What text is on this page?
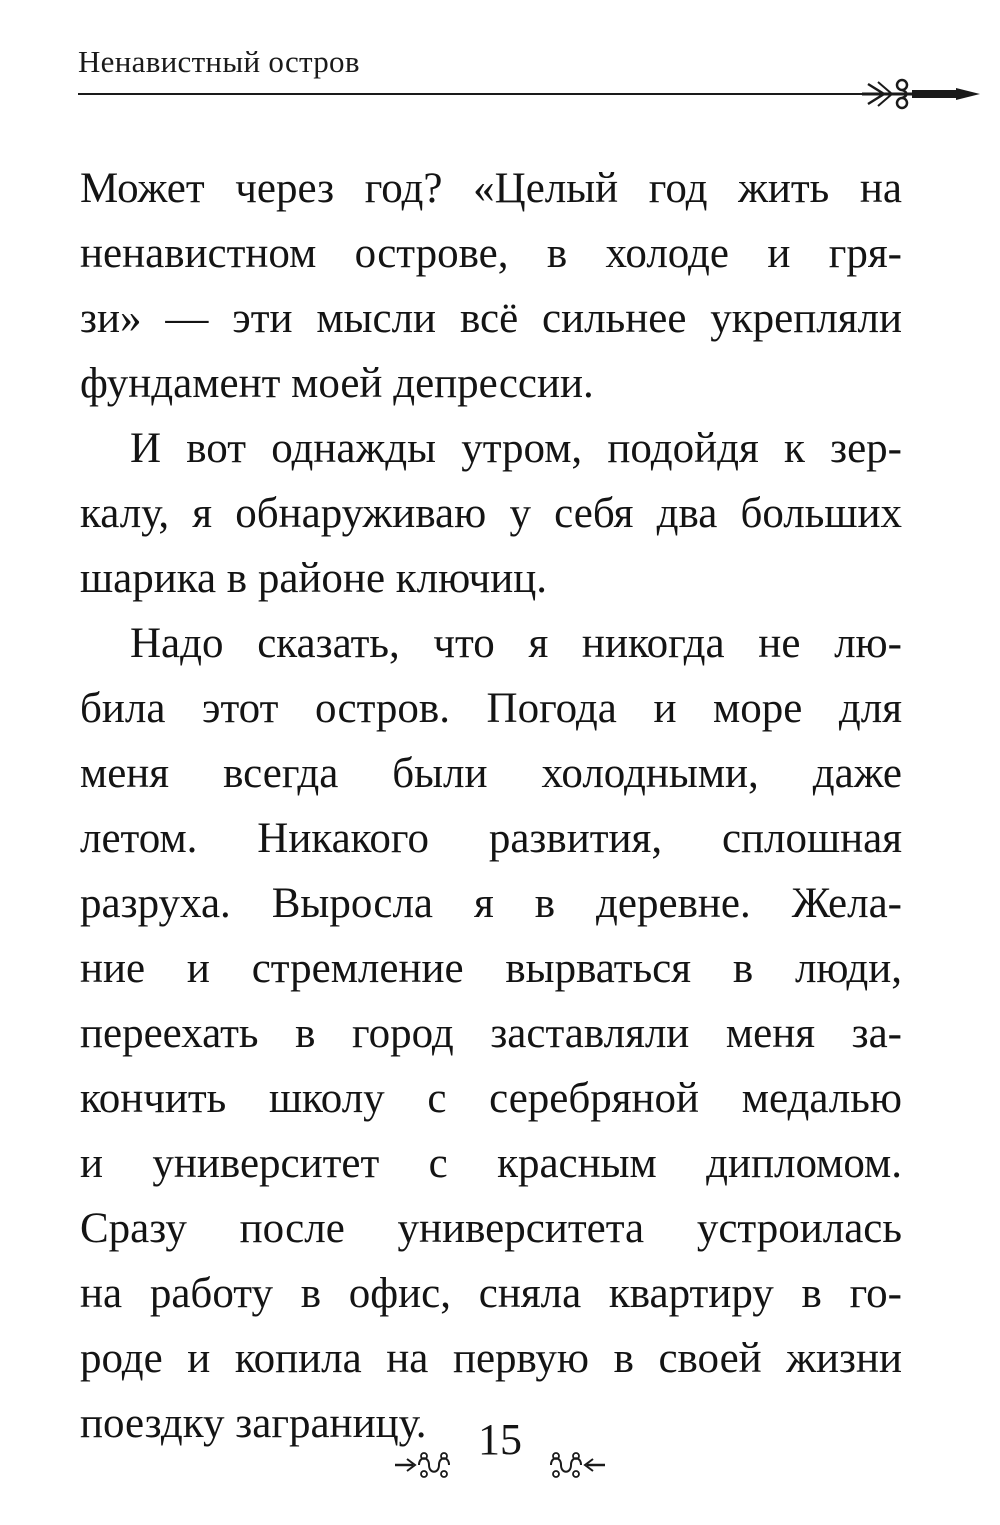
Ненавистный остров
Может через год? «Целый год жить на
ненавистном острове, в холоде и гря-
зи» — эти мысли всё сильнее укрепляли
фундамент моей депрессии.
И вот однажды утром, подойдя к зер-
калу, я обнаруживаю у себя два больших
шарика в районе ключиц.
Надо сказать, что я никогда не лю-
била этот остров. Погода и море для
меня всегда были холодными, даже
летом. Никакого развития, сплошная
разруха. Выросла я в деревне. Жела-
ние и стремление вырваться в люди,
переехать в город заставляли меня за-
кончить школу с серебряной медалью
и университет с красным дипломом.
Сразу после университета устроилась
на работу в офис, сняла квартиру в го-
роде и копила на первую в своей жизни
поездку заграницу.	15
